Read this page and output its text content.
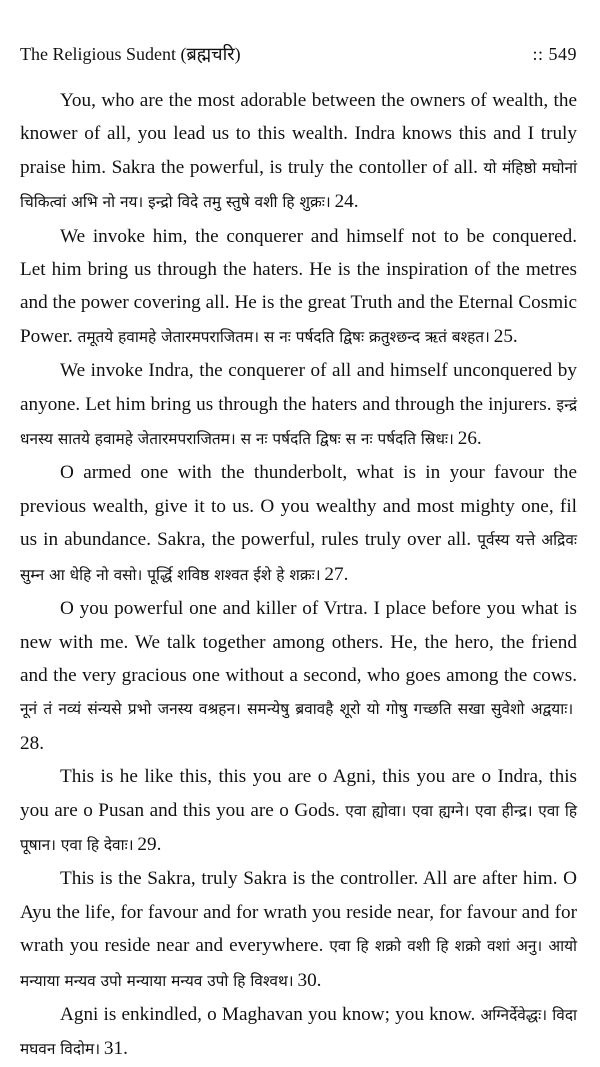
The Religious Sudent (ब्रह्मचरि)	:: 549

You, who are the most adorable between the owners of wealth, the knower of all, you lead us to this wealth. Indra knows this and I truly praise him. Sakra the powerful, is truly the contoller of all. यो मंहिष्ठो मघोनां चिकित्वां अभि नो नय। इन्द्रो विदे तमु स्तुषे वशी हि शुक्रः।  24.

We invoke him, the conquerer and himself not to be conquered. Let him bring us through the haters. He is the inspiration of the metres and the power covering all. He is the great Truth and the Eternal Cosmic Power. तमूतये हवामहे जेतारमपराजितम। स नः पर्षदति द्विषः क्रतुश्छन्द ऋतं बश्हत।  25.

We invoke Indra, the conquerer of all and himself unconquered by anyone. Let him bring us through the haters and through the injurers. इन्द्रं धनस्य सातये हवामहे जेतारमपराजितम। स नः पर्षदति द्विषः स नः पर्षदति स्रिधः।  26.

O armed one with the thunderbolt, what is in your favour the previous wealth, give it to us. O you wealthy and most mighty one, fil us in abundance. Sakra, the powerful, rules truly over all. पूर्वस्य यत्ते अद्रिवः सुम्न आ धेहि नो वसो। पूर्द्धि शविष्ठ शश्वत ईशे हे शक्रः।  27.

O you powerful one and killer of Vrtra. I place before you what is new with me. We talk together among others. He, the hero, the friend and the very gracious one without a second, who goes among the cows. नूनं तं नव्यं संन्यसे प्रभो जनस्य वश्रहन। समन्येषु ब्रवावहै शूरो यो गोषु गच्छति सखा सुवेशो अद्वयाः। 28.

This is he like this, this you are o Agni, this you are o Indra, this you are o Pusan and this you are o Gods. एवा ह्योवा। एवा ह्यग्ने। एवा हीन्द्र। एवा हि पूषान। एवा हि देवाः।  29.

This is the Sakra, truly Sakra is the controller. All are after him. O Ayu the life, for favour and for wrath you reside near, for favour and for wrath you reside near and everywhere. एवा हि शक्रो वशी हि शक्रो वशां अनु। आयो मन्याया मन्यव उपो मन्याया मन्यव उपो हि विश्वथ।  30.

Agni is enkindled, o Maghavan you know; you know. अग्निर्देवेद्धः। विदा मघवन विदोम।  31.
